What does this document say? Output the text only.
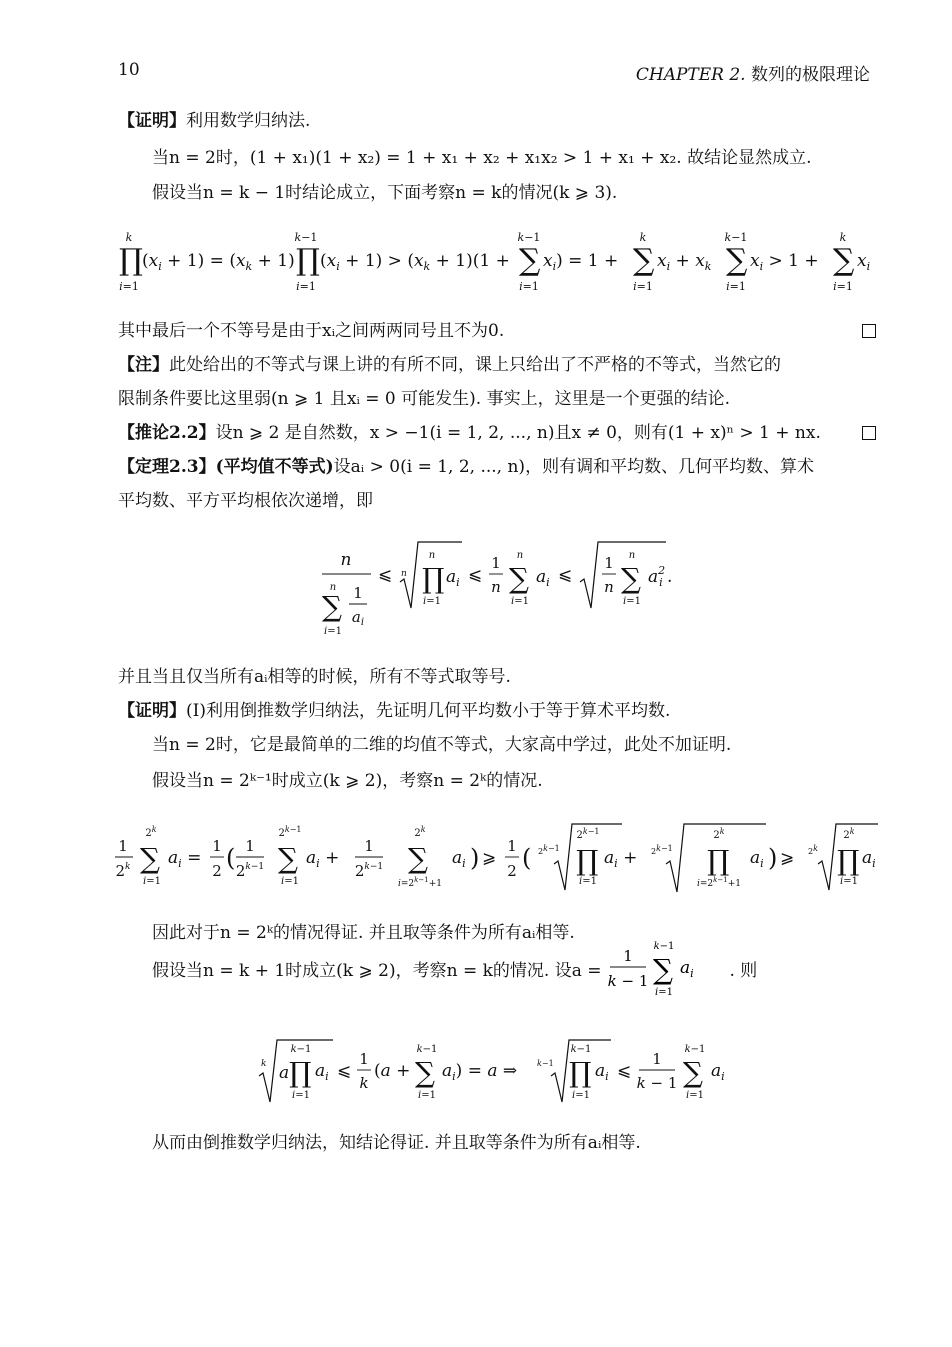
10	CHAPTER 2. 数列的极限理论
【证明】利用数学归纳法.
当n = 2时，(1 + x₁)(1 + x₂) = 1 + x₁ + x₂ + x₁x₂ > 1 + x₁ + x₂. 故结论显然成立.
假设当n = k − 1时结论成立，下面考察n = k的情况(k ⩾ 3).
k
∏
i=1
$(x_i + 1) = (x_k + 1)$
k−1
∏
i=1
$(x_i + 1) > (x_k + 1)(1$ +
k−1
∑
i=1
$x_i) = 1$ +
k
∑
i=1
$x_i + x_k$
k−1
∑
i=1
$x_i > 1$ +
k
∑
i=1
$x_i$
其中最后一个不等号是由于xᵢ之间两两同号且不为0.
【注】此处给出的不等式与课上讲的有所不同，课上只给出了不严格的不等式，当然它的
限制条件要比这里弱(n ⩾ 1 且xᵢ = 0 可能发生). 事实上，这里是一个更强的结论.
【推论2.2】设n ⩾ 2 是自然数，x > −1(i = 1, 2, ..., n)且x ≠ 0，则有(1 + x)ⁿ > 1 + nx.
【定理2.3】(平均值不等式)设aᵢ > 0(i = 1, 2, ..., n)，则有调和平均数、几何平均数、算术
平均数、平方平均根依次递增，即
n
n
∑
i=1
1
$a_i$
⩽ n
n
∏
i=1
$a_i$ ⩽
1
n
n
∑
i=1
$a_i$ ⩽
1
n
n
∑
i=1
$a^2$ i .
并且当且仅当所有aᵢ相等的时候，所有不等式取等号.
【证明】(I)利用倒推数学归纳法，先证明几何平均数小于等于算术平均数.
当n = 2时，它是最简单的二维的均值不等式，大家高中学过，此处不加证明.
假设当n = 2ᵏ⁻¹时成立(k ⩾ 2)，考察n = 2ᵏ的情况.
1
2$^k$
2$^k$
∑
i=1
$a_i$ =
1
2 ( 1
$2^{k-1}$
$2^{k-1}$
∑
i=1
$a_i$ +
1
$2^{k-1}$
2$^k$
∑
$i=2^{k-1}+1$
$a_i$ ) ⩾
1
2 ( 2k−1
$2^{k-1}$
∏
i=1
$a_i + 2k-1$
2$^k$
∏
$i=2^{k-1}+1$
$a_i$ ) ⩾ 2k
2$^k$
∏
i=1
$a_i$
因此对于n = 2ᵏ的情况得证. 并且取等条件为所有aᵢ相等.
假设当n = k + 1时成立(k ⩾ 2)，考察n = k的情况. 设a =
1
k − 1
k−1
∑
i=1
$a_i$ . 则
k a
k−1
∏
i=1
$a_i$ ⩽
1
k
(a +
k−1
∑
i=1
$a_i) = a$ ⇒ k−1
k−1
∏
i=1
$a_i$ ⩽
1
k − 1
k−1
∑
i=1
$a_i$
从而由倒推数学归纳法，知结论得证. 并且取等条件为所有aᵢ相等.
